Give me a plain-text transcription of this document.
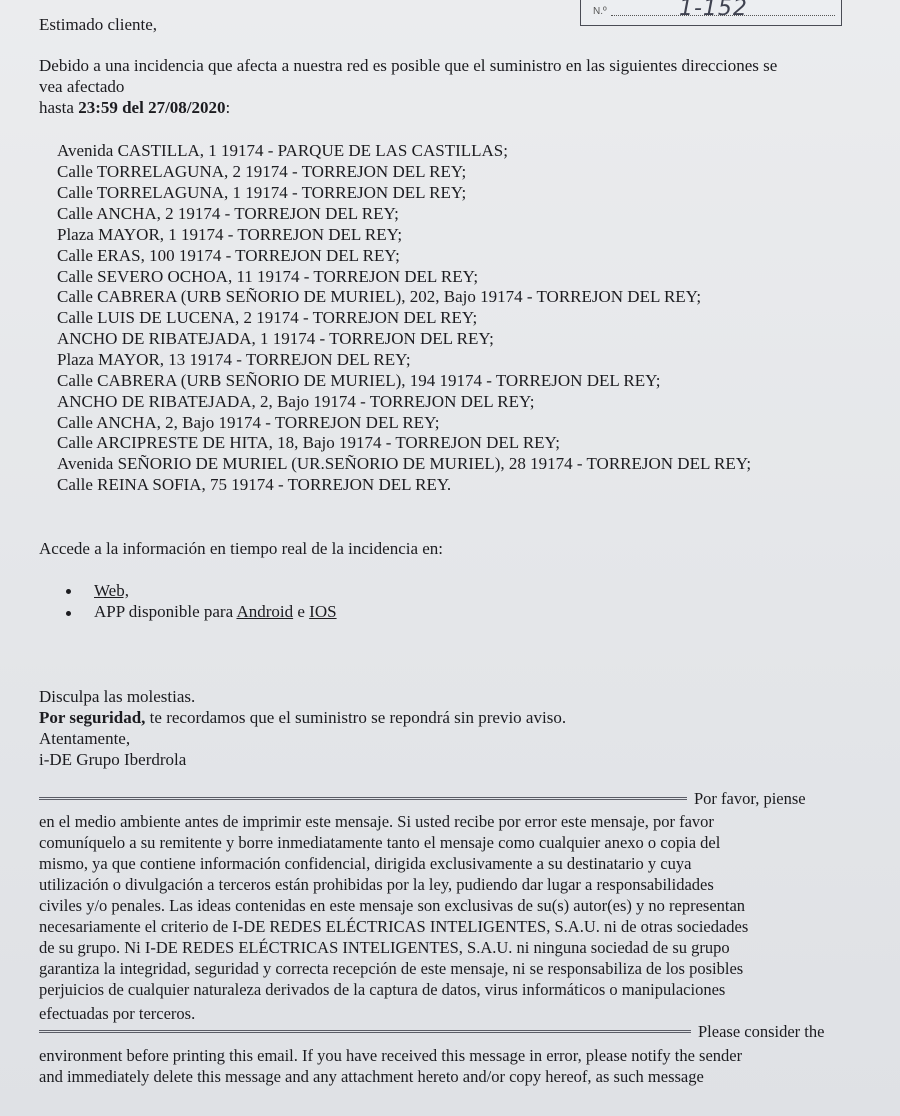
N.º	1-152
Estimado cliente,
Debido a una incidencia que afecta a nuestra red es posible que el suministro en las siguientes direcciones se
vea afectado
hasta 23:59 del 27/08/2020:
Avenida CASTILLA, 1 19174 - PARQUE DE LAS CASTILLAS;
Calle TORRELAGUNA, 2 19174 - TORREJON DEL REY;
Calle TORRELAGUNA, 1 19174 - TORREJON DEL REY;
Calle ANCHA, 2 19174 - TORREJON DEL REY;
Plaza MAYOR, 1 19174 - TORREJON DEL REY;
Calle ERAS, 100 19174 - TORREJON DEL REY;
Calle SEVERO OCHOA, 11 19174 - TORREJON DEL REY;
Calle CABRERA (URB SEÑORIO DE MURIEL), 202, Bajo 19174 - TORREJON DEL REY;
Calle LUIS DE LUCENA, 2 19174 - TORREJON DEL REY;
ANCHO DE RIBATEJADA, 1 19174 - TORREJON DEL REY;
Plaza MAYOR, 13 19174 - TORREJON DEL REY;
Calle CABRERA (URB SEÑORIO DE MURIEL), 194 19174 - TORREJON DEL REY;
ANCHO DE RIBATEJADA, 2, Bajo 19174 - TORREJON DEL REY;
Calle ANCHA, 2, Bajo 19174 - TORREJON DEL REY;
Calle ARCIPRESTE DE HITA, 18, Bajo 19174 - TORREJON DEL REY;
Avenida SEÑORIO DE MURIEL (UR.SEÑORIO DE MURIEL), 28 19174 - TORREJON DEL REY;
Calle REINA SOFIA, 75 19174 - TORREJON DEL REY.
Accede a la información en tiempo real de la incidencia en:
Web,
APP disponible para Android e IOS
Disculpa las molestias.
Por seguridad, te recordamos que el suministro se repondrá sin previo aviso.
Atentamente,
i-DE Grupo Iberdrola
Por favor, piense
en el medio ambiente antes de imprimir este mensaje. Si usted recibe por error este mensaje, por favor
comuníquelo a su remitente y borre inmediatamente tanto el mensaje como cualquier anexo o copia del
mismo, ya que contiene información confidencial, dirigida exclusivamente a su destinatario y cuya
utilización o divulgación a terceros están prohibidas por la ley, pudiendo dar lugar a responsabilidades
civiles y/o penales. Las ideas contenidas en este mensaje son exclusivas de su(s) autor(es) y no representan
necesariamente el criterio de I-DE REDES ELÉCTRICAS INTELIGENTES, S.A.U. ni de otras sociedades
de su grupo. Ni I-DE REDES ELÉCTRICAS INTELIGENTES, S.A.U. ni ninguna sociedad de su grupo
garantiza la integridad, seguridad y correcta recepción de este mensaje, ni se responsabiliza de los posibles
perjuicios de cualquier naturaleza derivados de la captura de datos, virus informáticos o manipulaciones
efectuadas por terceros.
Please consider the
environment before printing this email. If you have received this message in error, please notify the sender
and immediately delete this message and any attachment hereto and/or copy hereof, as such message
